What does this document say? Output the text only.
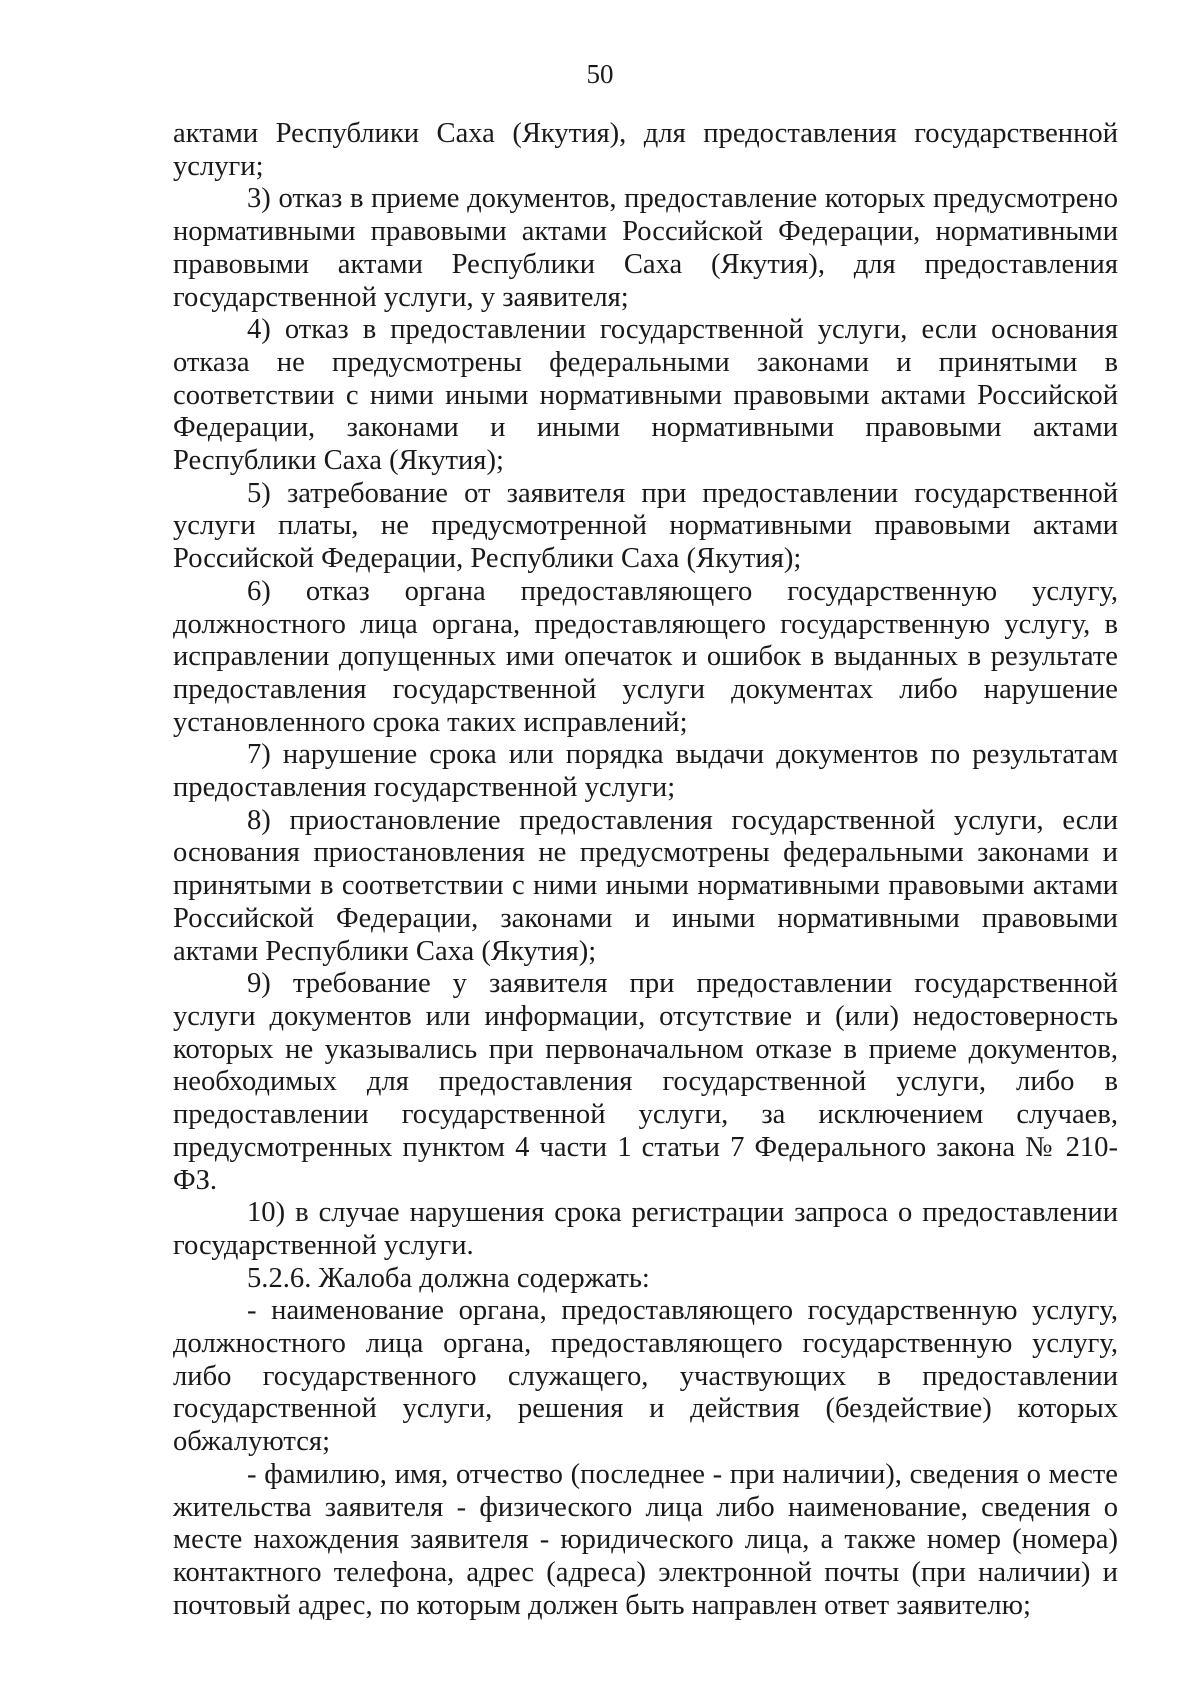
50

актами Республики Саха (Якутия), для предоставления государственной услуги;

3) отказ в приеме документов, предоставление которых предусмотрено нормативными правовыми актами Российской Федерации, нормативными правовыми актами Республики Саха (Якутия), для предоставления государственной услуги, у заявителя;

4) отказ в предоставлении государственной услуги, если основания отказа не предусмотрены федеральными законами и принятыми в соответствии с ними иными нормативными правовыми актами Российской Федерации, законами и иными нормативными правовыми актами Республики Саха (Якутия);

5) затребование от заявителя при предоставлении государственной услуги платы, не предусмотренной нормативными правовыми актами Российской Федерации, Республики Саха (Якутия);

6) отказ органа предоставляющего государственную услугу, должностного лица органа, предоставляющего государственную услугу, в исправлении допущенных ими опечаток и ошибок в выданных в результате предоставления государственной услуги документах либо нарушение установленного срока таких исправлений;

7) нарушение срока или порядка выдачи документов по результатам предоставления государственной услуги;

8) приостановление предоставления государственной услуги, если основания приостановления не предусмотрены федеральными законами и принятыми в соответствии с ними иными нормативными правовыми актами Российской Федерации, законами и иными нормативными правовыми актами Республики Саха (Якутия);

9) требование у заявителя при предоставлении государственной услуги документов или информации, отсутствие и (или) недостоверность которых не указывались при первоначальном отказе в приеме документов, необходимых для предоставления государственной услуги, либо в предоставлении государственной услуги, за исключением случаев, предусмотренных пунктом 4 части 1 статьи 7 Федерального закона № 210-ФЗ.

10) в случае нарушения срока регистрации запроса о предоставлении государственной услуги.

5.2.6. Жалоба должна содержать:

- наименование органа, предоставляющего государственную услугу, должностного лица органа, предоставляющего государственную услугу, либо государственного служащего, участвующих в предоставлении государственной услуги, решения и действия (бездействие) которых обжалуются;

- фамилию, имя, отчество (последнее - при наличии), сведения о месте жительства заявителя - физического лица либо наименование, сведения о месте нахождения заявителя - юридического лица, а также номер (номера) контактного телефона, адрес (адреса) электронной почты (при наличии) и почтовый адрес, по которым должен быть направлен ответ заявителю;
